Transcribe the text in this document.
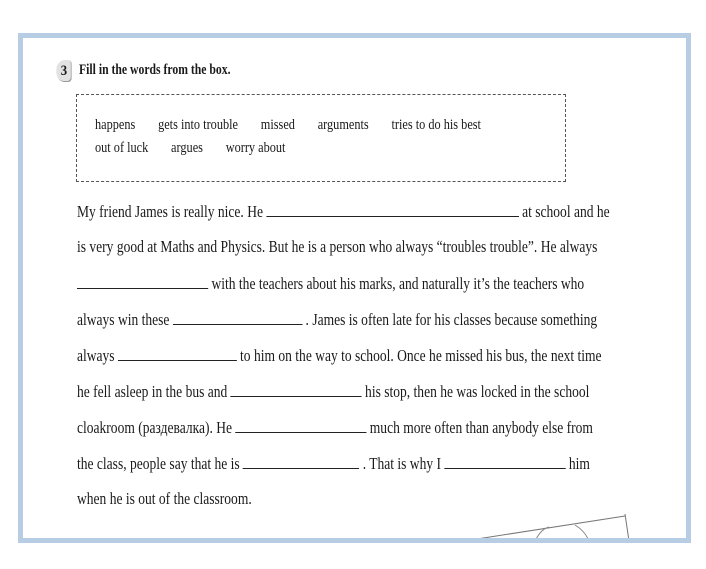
3 Fill in the words from the box.
happens gets into trouble missed arguments tries to do his best
out of luck argues worry about
My friend James is really nice. He	at school and he
is very good at Maths and Physics. But he is a person who always “troubles trouble”. He always
with the teachers about his marks, and naturally it’s the teachers who
always win these	. James is often late for his classes because something
always	to him on the way to school. Once he missed his bus, the next time
he fell asleep in the bus and	his stop, then he was locked in the school
cloakroom (раздевалка). He	much more often than anybody else from
the class, people say that he is	. That is why I	him
when he is out of the classroom.
